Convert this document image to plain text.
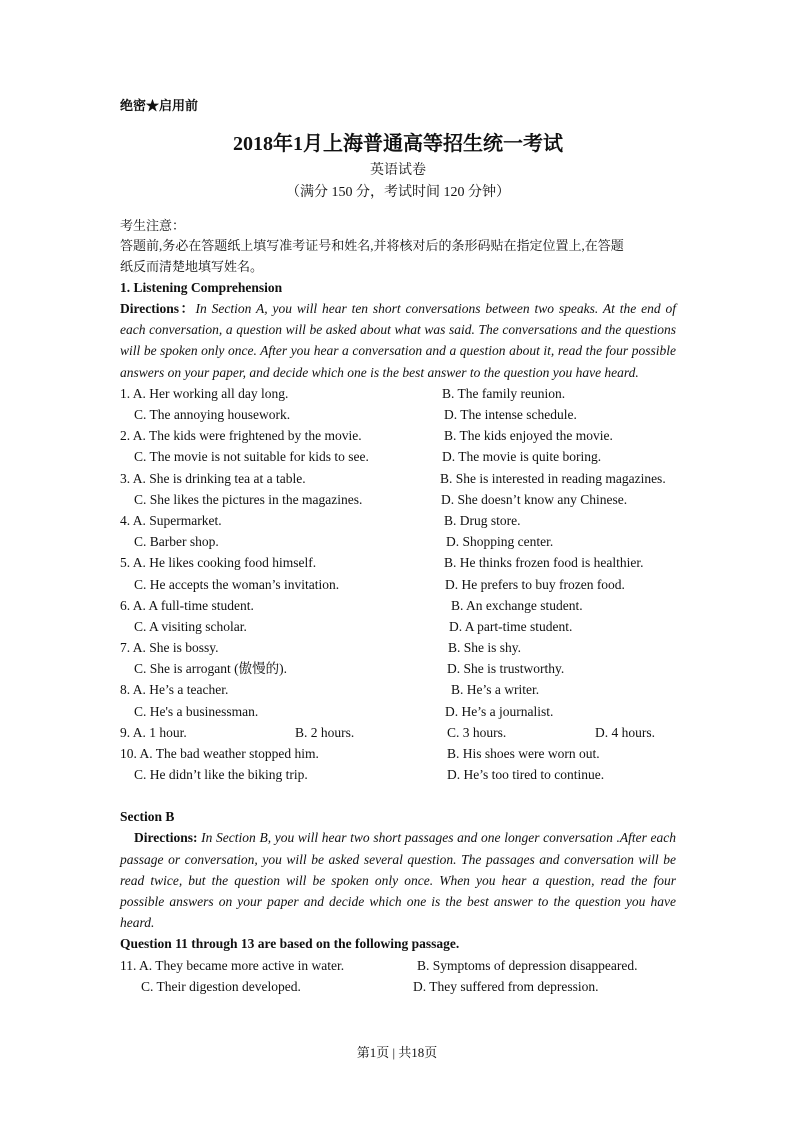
绝密★启用前
2018年1月上海普通高等招生统一考试
英语试卷
（满分 150 分，考试时间 120 分钟）
考生注意：
答题前,务必在答题纸上填写准考证号和姓名,并将核对后的条形码贴在指定位置上,在答题
纸反而清楚地填写姓名。
1. Listening Comprehension
Directions：In Section A, you will hear ten short conversations between two speaks. At the end of each conversation, a question will be asked about what was said. The conversations and the questions will be spoken only once. After you hear a conversation and a question about it, read the four possible answers on your paper, and decide which one is the best answer to the question you have heard.
1. A. Her working all day long.	B. The family reunion.
C. The annoying housework.	D. The intense schedule.
2. A. The kids were frightened by the movie.	B. The kids enjoyed the movie.
C. The movie is not suitable for kids to see.	D. The movie is quite boring.
3. A. She is drinking tea at a table.	B. She is interested in reading magazines.
C. She likes the pictures in the magazines.	D. She doesn’t know any Chinese.
4. A. Supermarket.	B. Drug store.
C. Barber shop.	D. Shopping center.
5. A. He likes cooking food himself.	B. He thinks frozen food is healthier.
C. He accepts the woman’s invitation.	D. He prefers to buy frozen food.
6. A. A full-time student.	B. An exchange student.
C. A visiting scholar.	D. A part-time student.
7. A. She is bossy.	B. She is shy.
C. She is arrogant (傲慢的).	D. She is trustworthy.
8. A. He’s a teacher.	B. He’s a writer.
C. He's a businessman.	D. He’s a journalist.
9. A. 1 hour.	B. 2 hours.	C. 3 hours.	D. 4 hours.
10. A. The bad weather stopped him.	B. His shoes were worn out.
C. He didn’t like the biking trip.	D. He’s too tired to continue.
Section B
Directions: In Section B, you will hear two short passages and one longer conversation .After each passage or conversation, you will be asked several question. The passages and conversation will be read twice, but the question will be spoken only once. When you hear a question, read the four possible answers on your paper and decide which one is the best answer to the question you have heard.
Question 11 through 13 are based on the following passage.
11. A. They became more active in water.	B. Symptoms of depression disappeared.
C. Their digestion developed.	D. They suffered from depression.
第1页 | 共18页
